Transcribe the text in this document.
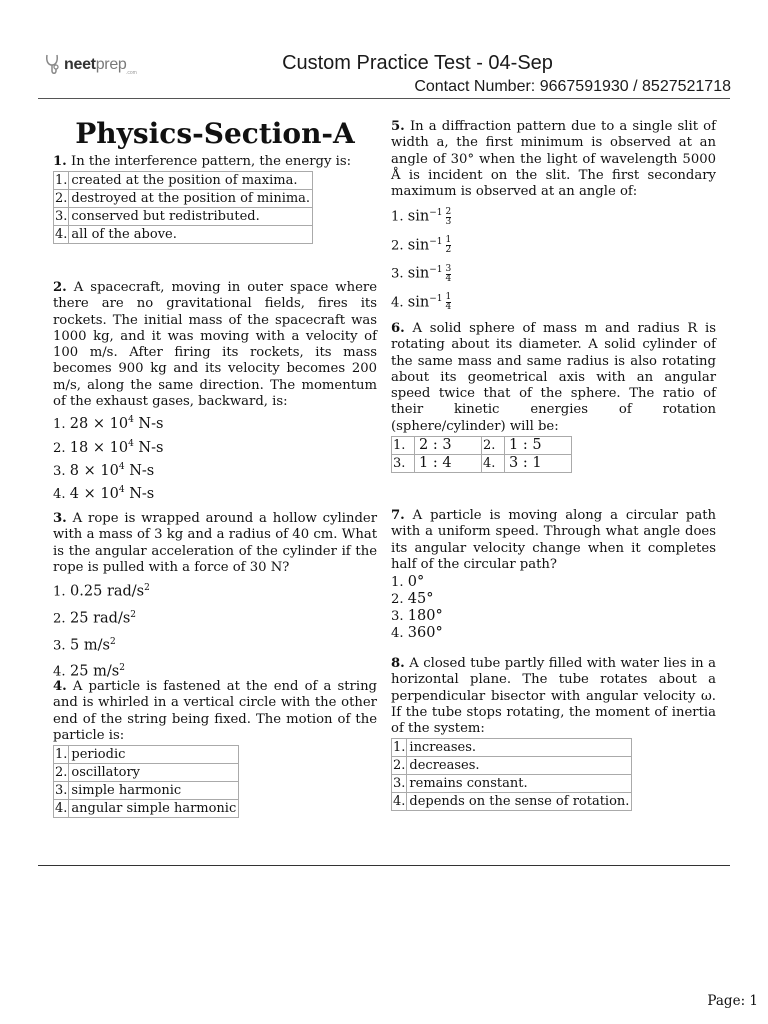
neetprep .com	Custom Practice Test - 04-Sep
Contact Number: 9667591930 / 8527521718
Physics-Section-A

1. In the interference pattern, the energy is:

1.	created at the position of maxima.
2.	destroyed at the position of minima.
3.	conserved but redistributed.
4.	all of the above.

2. A spacecraft, moving in outer space where there are no gravitational fields, fires its rockets. The initial mass of the spacecraft was 1000 kg, and it was moving with a velocity of 100 m/s. After firing its rockets, its mass becomes 900 kg and its velocity becomes 200 m/s, along the same direction. The momentum of the exhaust gases, backward, is:

1. $28 \times 10^4$ N-s
2. $18 \times 10^4$ N-s
3. $8 \times 10^4$ N-s
4. $4 \times 10^4$ N-s

3. A rope is wrapped around a hollow cylinder with a mass of 3 kg and a radius of 40 cm. What is the angular acceleration of the cylinder if the rope is pulled with a force of 30 N?

1. 0.25 rad/$s^2$
2. 25 rad/$s^2$
3. 5 $m/s^2$
4. 25 $m/s^2$

4. A particle is fastened at the end of a string and is whirled in a vertical circle with the other end of the string being fixed. The motion of the particle is:

1.	periodic
2.	oscillatory
3.	simple harmonic
4.	angular simple harmonic

5. In a diffraction pattern due to a single slit of width a, the first minimum is observed at an angle of 30° when the light of wavelength 5000 Å is incident on the slit. The first secondary maximum is observed at an angle of:

1. $\sin^{-1} \frac{2}{3}$
2. $\sin^{-1} \frac{1}{2}$
3. $\sin^{-1} \frac{3}{4}$
4. $\sin^{-1} \frac{1}{4}$

6. A solid sphere of mass m and radius R is rotating about its diameter. A solid cylinder of the same mass and same radius is also rotating about its geometrical axis with an angular speed twice that of the sphere. The ratio of their kinetic energies of rotation (sphere/cylinder) will be:

1.	2 : 3	2.	1 : 5
3.	1 : 4	4.	3 : 1

7. A particle is moving along a circular path with a uniform speed. Through what angle does its angular velocity change when it completes half of the circular path?

1. 0°
2. 45°
3. 180°
4. 360°

8. A closed tube partly filled with water lies in a horizontal plane. The tube rotates about a perpendicular bisector with angular velocity ω. If the tube stops rotating, the moment of inertia of the system:

1.	increases.
2.	decreases.
3.	remains constant.
4.	depends on the sense of rotation.
Page: 1
